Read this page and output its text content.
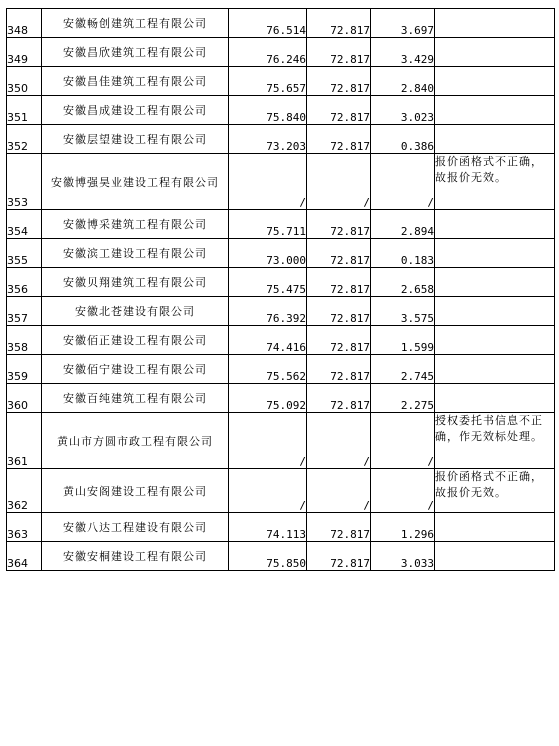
348	安徽畅创建筑工程有限公司	76.514	72.817	3.697	
349	安徽昌欣建筑工程有限公司	76.246	72.817	3.429	
350	安徽昌佳建筑工程有限公司	75.657	72.817	2.840	
351	安徽昌成建设工程有限公司	75.840	72.817	3.023	
352	安徽层望建设工程有限公司	73.203	72.817	0.386	
353	安徽博强昊业建设工程有限公司	/	/	/	报价函格式不正确，故报价无效。
354	安徽博采建筑工程有限公司	75.711	72.817	2.894	
355	安徽滨工建设工程有限公司	73.000	72.817	0.183	
356	安徽贝翔建筑工程有限公司	75.475	72.817	2.658	
357	安徽北苍建设有限公司	76.392	72.817	3.575	
358	安徽佰正建设工程有限公司	74.416	72.817	1.599	
359	安徽佰宁建设工程有限公司	75.562	72.817	2.745	
360	安徽百纯建筑工程有限公司	75.092	72.817	2.275	
361	黄山市方圆市政工程有限公司	/	/	/	授权委托书信息不正确，作无效标处理。
362	黄山安阁建设工程有限公司	/	/	/	报价函格式不正确，故报价无效。
363	安徽八达工程建设有限公司	74.113	72.817	1.296	
364	安徽安桐建设工程有限公司	75.850	72.817	3.033	
